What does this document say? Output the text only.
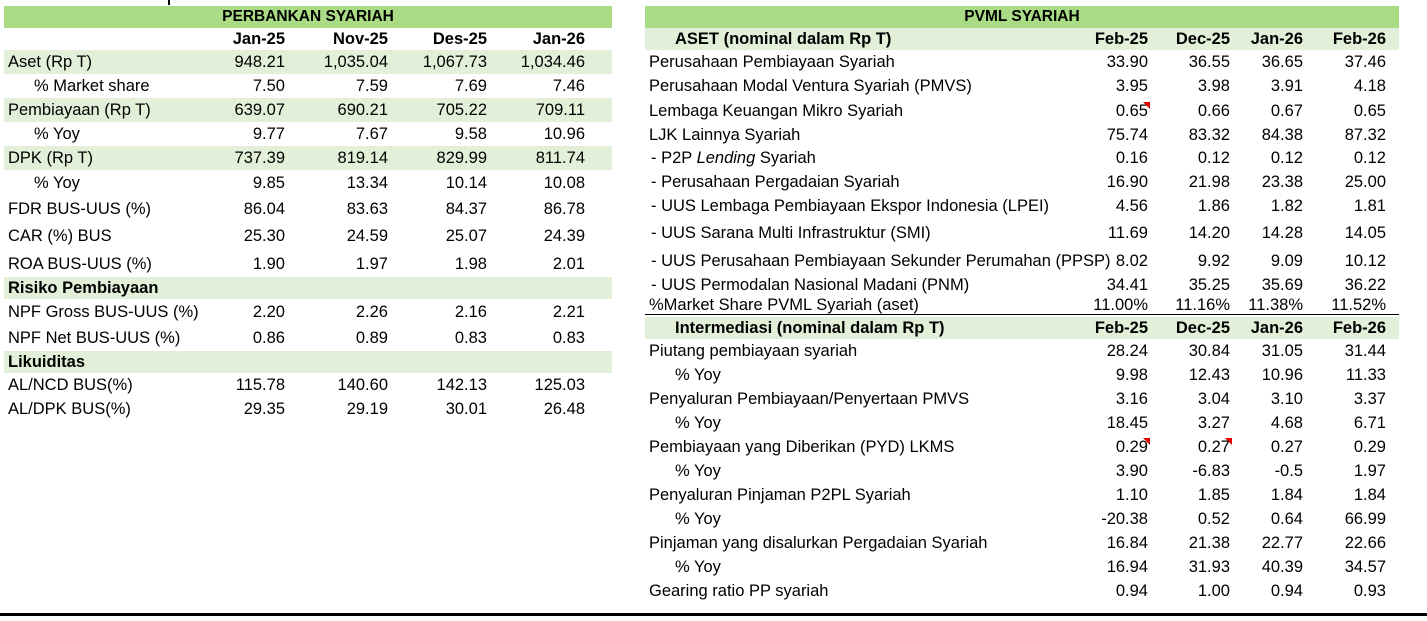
PERBANKAN SYARIAH
Jan-25	Nov-25	Des-25	Jan-26
Aset (Rp T)	948.21	1,035.04	1,067.73	1,034.46
% Market share	7.50	7.59	7.69	7.46
Pembiayaan (Rp T)	639.07	690.21	705.22	709.11
% Yoy	9.77	7.67	9.58	10.96
DPK (Rp T)	737.39	819.14	829.99	811.74
% Yoy	9.85	13.34	10.14	10.08
FDR BUS-UUS (%)	86.04	83.63	84.37	86.78
CAR (%) BUS	25.30	24.59	25.07	24.39
ROA BUS-UUS (%)	1.90	1.97	1.98	2.01
Risiko Pembiayaan
NPF Gross BUS-UUS (%)	2.20	2.26	2.16	2.21
NPF Net BUS-UUS (%)	0.86	0.89	0.83	0.83
Likuiditas
AL/NCD BUS(%)	115.78	140.60	142.13	125.03
AL/DPK BUS(%)	29.35	29.19	30.01	26.48
PVML SYARIAH
ASET (nominal dalam Rp T)	Feb-25	Dec-25	Jan-26	Feb-26
Perusahaan Pembiayaan Syariah	33.90	36.55	36.65	37.46
Perusahaan Modal Ventura Syariah (PMVS)	3.95	3.98	3.91	4.18
Lembaga Keuangan Mikro Syariah	0.65	0.66	0.67	0.65
LJK Lainnya Syariah	75.74	83.32	84.38	87.32
- P2P Lending Syariah	0.16	0.12	0.12	0.12
- Perusahaan Pergadaian Syariah	16.90	21.98	23.38	25.00
- UUS Lembaga Pembiayaan Ekspor Indonesia (LPEI)	4.56	1.86	1.82	1.81
- UUS Sarana Multi Infrastruktur (SMI)	11.69	14.20	14.28	14.05
- UUS Perusahaan Pembiayaan Sekunder Perumahan (PPSP) 8.02	9.92	9.09	10.12
- UUS Permodalan Nasional Madani (PNM)	34.41	35.25	35.69	36.22
%Market Share PVML Syariah (aset)	11.00%	11.16%	11.38%	11.52%
Intermediasi (nominal dalam Rp T)	Feb-25	Dec-25	Jan-26	Feb-26
Piutang pembiayaan syariah	28.24	30.84	31.05	31.44
% Yoy	9.98	12.43	10.96	11.33
Penyaluran Pembiayaan/Penyertaan PMVS	3.16	3.04	3.10	3.37
% Yoy	18.45	3.27	4.68	6.71
Pembiayaan yang Diberikan (PYD) LKMS	0.29	0.27	0.27	0.29
% Yoy	3.90	-6.83	-0.5	1.97
Penyaluran Pinjaman P2PL Syariah	1.10	1.85	1.84	1.84
% Yoy	-20.38	0.52	0.64	66.99
Pinjaman yang disalurkan Pergadaian Syariah	16.84	21.38	22.77	22.66
% Yoy	16.94	31.93	40.39	34.57
Gearing ratio PP syariah	0.94	1.00	0.94	0.93
